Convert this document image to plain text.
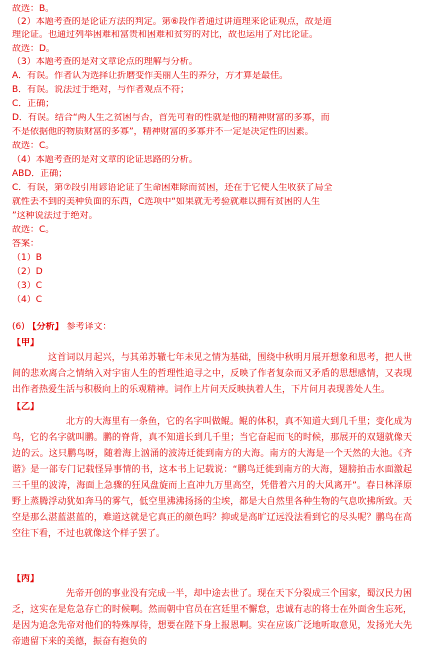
故选：B。
（2）本题考查的是论证方法的判定。第⑥段作者通过讲道理来论证观点，故是道
理论证。也通过列举困难和富贵和困难和贫穷的对比，故也运用了对比论证。
故选：D。
（3）本题考查的是对文章论点的理解与分析。
A．有误。作者认为选择让折磨变作美丽人生的养分，方才算是最佳。
B．有误。说法过于绝对，与作者观点不符；
C．正确；
D．有误。结合“两人生之贫困与否，首先可看的性就是他的精神财富的多寡，而
不是依据他的物质财富的多寡”，精神财富的多寡并不一定是决定性的因素。
故选：C。
（4）本题考查的是对文章的论证思路的分析。
ABD．正确；
C．有误，第⑦段引用谚语论证了生命困难除而贫困，还在于它使人生收获了局全
就性丢不到的美种负面的东西，C选项中“如果就无考验就难以拥有贫困的人生
”这种说法过于绝对。
故选：C。
答案：
（1）B
（2）D
（3）C
（4）C
(6) 【分析】 参考译文：
【甲】
这首词以月起兴，与其弟苏辙七年未见之情为基础，围绕中秋明月展开想象和思考，把人世间的悲欢离合之情纳入对宇宙人生的哲理性追寻之中，反映了作者复杂而又矛盾的思想感情，又表现出作者热爱生活与积极向上的乐观精神。词作上片问天反映执着人生，下片问月表现善处人生。
【乙】
北方的大海里有一条鱼，它的名字叫做鲲。鲲的体积，真不知道大到几千里；变化成为鸟，它的名字就叫鹏。鹏的脊背，真不知道长到几千里；当它奋起而飞的时候，那展开的双翅就像天边的云。这只鹏鸟呀，随着海上汹涌的波涛迁徙到南方的大海。南方的大海是一个天然的大池。《齐谐》是一部专门记载怪异事情的书，这本书上记载说：“鹏鸟迁徙到南方的大海，翅膀拍击水面激起三千里的波涛，海面上急骤的狂风盘旋而上直冲九万里高空，凭借着六月的大风离开”。春日林泽原野上蒸腾浮动犹如奔马的雾气，低空里沸沸扬扬的尘埃，都是大自然里各种生物的气息吹拂所致。天空是那么湛蓝湛蓝的，难道这就是它真正的颜色吗？抑或是高旷辽远没法看到它的尽头呢？鹏鸟在高空往下看，不过也就像这个样子罢了。
【丙】
先帝开创的事业没有完成一半，却中途去世了。现在天下分裂成三个国家，蜀汉民力困乏，这实在是危急存亡的时候啊。然而朝中官员在宫廷里不懈怠，忠诚有志的将士在外面舍生忘死，是因为追念先帝对他们的特殊厚待，想要在陛下身上报恩啊。实在应该广泛地听取意见，发扬光大先帝遗留下来的美德，振奋有抱负的
